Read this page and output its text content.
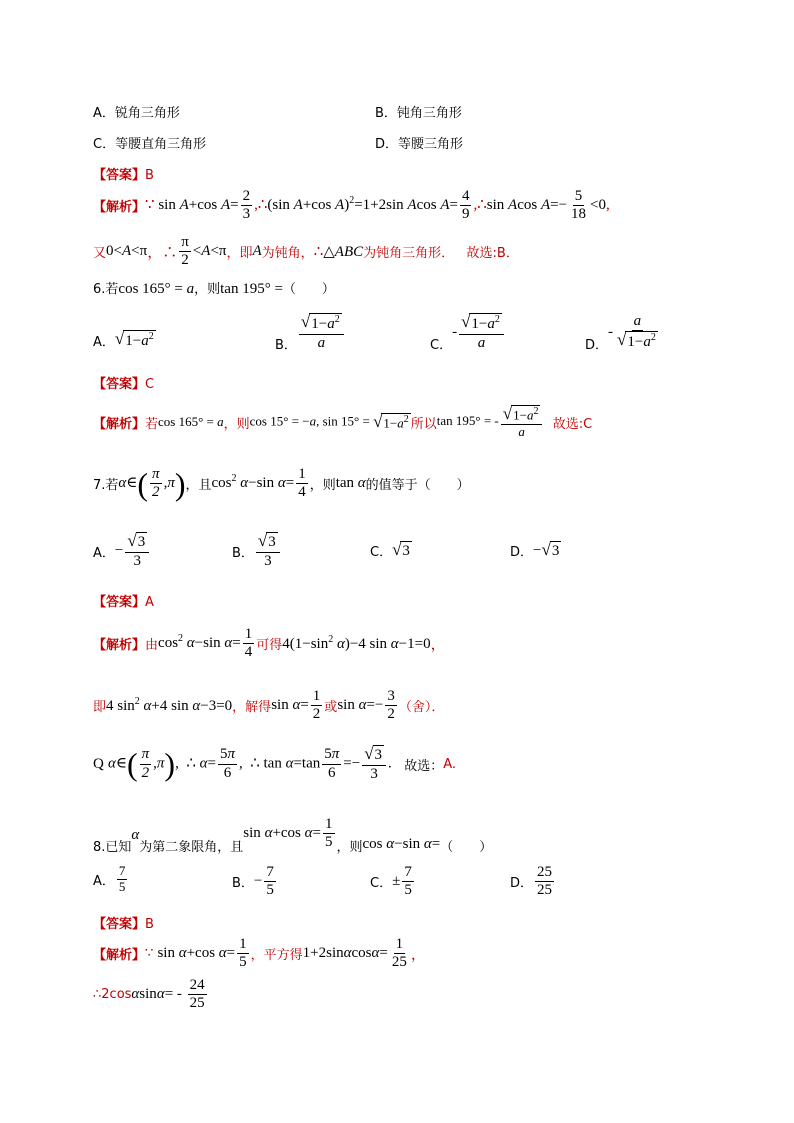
A．锐角三角形	B．钝角三角形
C．等腰直角三角形	D．等腰三角形
【答案】B
【解析】 ∵ sin A+cos $A= \frac{2}{3}$ ,∴(sin A+cos A)$^2$=1+2sin Acos $A= \frac{4}{9}$ ,∴sin Acos $A=- \frac{5}{18} <0$,
又 0<A<π ，∴ $\frac{\pi}{2} <A<\pi$ ，即 A 为钝角， ∴ △ABC 为钝角三角形．
故选:B．
6.若cos 165° = a，则tan 195° =（　　）
A． √ $1-a^2$
B． $\frac{√ 1-a^2}{a}$	C．
- $\frac{√ 1-a^2}{a}$	D．
- $\frac{a}{√ 1-a^2}$
【答案】C
【解析】 若 cos 165° = a ，则 cos 15° = −a, sin 15° = √ $1-a^2$ 所以 tan 195° = - $\frac{√ 1-a^2}{a}$
故选:C
7.若 α∈( $\frac{\pi}{2} ,\pi$) ，且 $\cos^2 \alpha-\sin$ $\alpha= \frac{1}{4}$ ，则 tan α 的值等于（　　）
A． − $\frac{√ 3}{3}$	B． $\frac{√ 3}{3}$	C． √ 3	D． − √ 3
【答案】A
【解析】 由 $\cos^2 \alpha-\sin$ $\alpha= \frac{1}{4}$ 可得 $4(1-\sin^2$ α)−4 sin α−1=0 ，
即 4 $\sin^2 \alpha+4$ sin α−3=0 ，解得 $\sin \alpha= \frac{1}{2}$ 或 $\sin \alpha=- \frac{3}{2}$ （舍）．
Q
α∈( $\frac{\pi}{2} ,\pi$),  ∴ $\alpha= \frac{5\pi}{6}$ ,  ∴ $\tan \alpha=\tan \frac{5\pi}{6} =- \frac{√ 3}{3}$ .
故选： A.
8.已知
α
为第二象限角，且
sin α+cos $\alpha= \frac{1}{5}$ ，则 cos α−sin α= （　　）
A． $\frac{7}{5}$	B． − $\frac{7}{5}$	C． ± $\frac{7}{5}$	D． $\frac{25}{25}$
【答案】B
【解析】 ∵
sin α+cos $\alpha= \frac{1}{5}$ ，平方得 $1+2\sin\alpha\cos\alpha= \frac{1}{25}$ ，
∴2cos α $\sin\alpha= - \frac{24}{25}$
